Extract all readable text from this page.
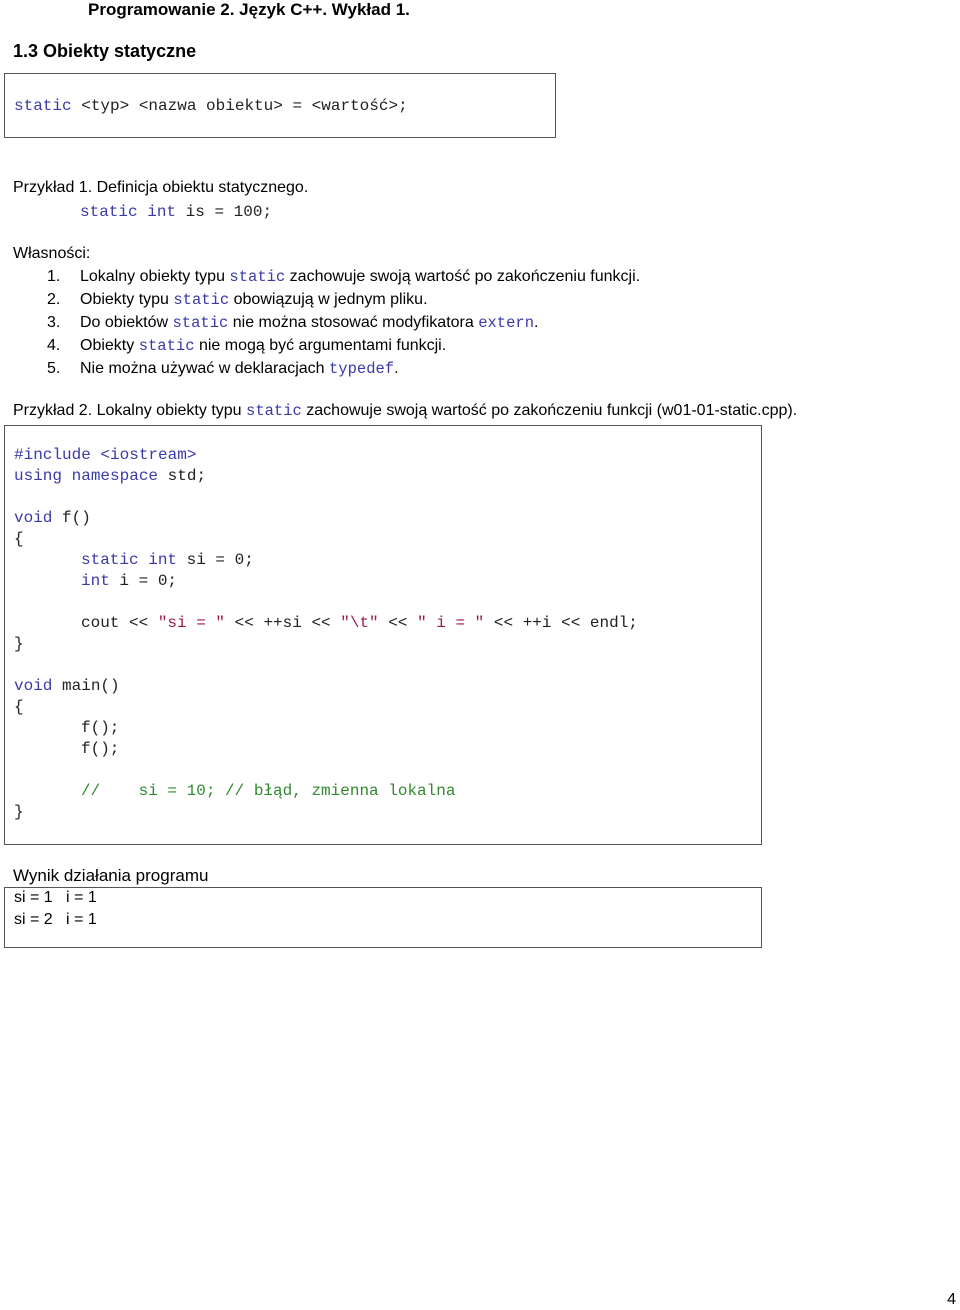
Programowanie 2. Język C++. Wykład 1.
1.3 Obiekty statyczne
static <typ> <nazwa obiektu> = <wartość>;
Przykład 1. Definicja obiektu statycznego.
static int is = 100;
Własności:
1. Lokalny obiekty typu static zachowuje swoją wartość po zakończeniu funkcji.
2. Obiekty typu static obowiązują w jednym pliku.
3. Do obiektów static nie można stosować modyfikatora extern.
4. Obiekty static nie mogą być argumentami funkcji.
5. Nie można używać w deklaracjach typedef.
Przykład 2. Lokalny obiekty typu static zachowuje swoją wartość po zakończeniu funkcji (w01-01-static.cpp).
#include <iostream>
using namespace std;
void f()
{
static int si = 0;
int i = 0;
cout << "si = " << ++si << "\t" << " i = " << ++i << endl;
}
void main()
{
f();
f();
//    si = 10; // błąd, zmienna lokalna
}
Wynik działania programu
si = 1   i = 1
si = 2   i = 1
4
